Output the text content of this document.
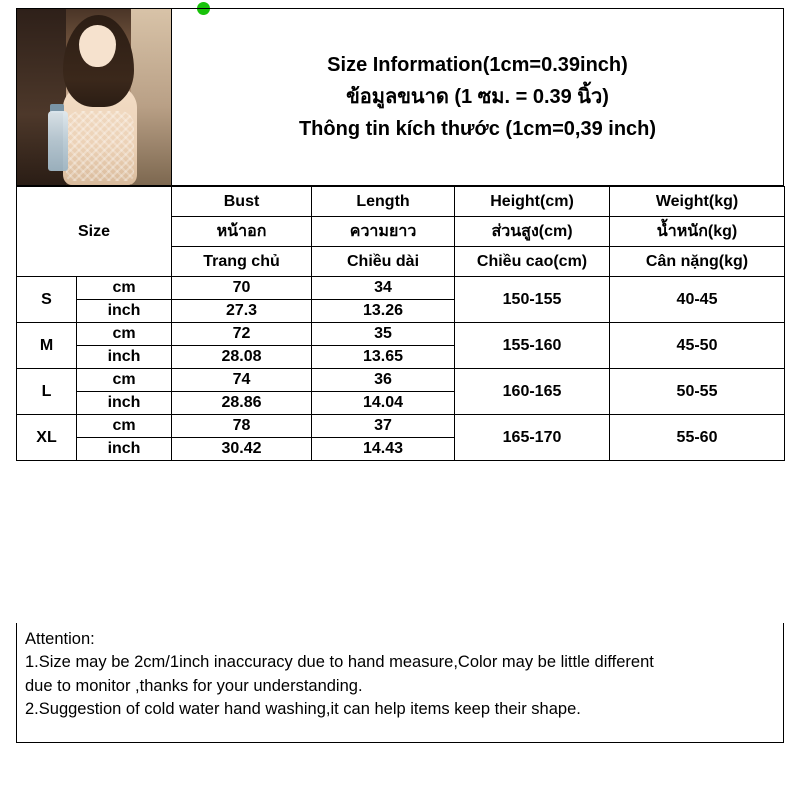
Size Information(1cm=0.39inch)
ข้อมูลขนาด (1 ซม. = 0.39 นิ้ว)
Thông tin kích thước (1cm=0,39 inch)
Size		Bust	Length	Height(cm)	Weight(kg)
		หน้าอก	ความยาว	ส่วนสูง(cm)	น้ำหนัก(kg)
		Trang chủ	Chiều dài	Chiều cao(cm)	Cân nặng(kg)
S	cm	70	34	150-155	40-45
	inch	27.3	13.26		
M	cm	72	35	155-160	45-50
	inch	28.08	13.65		
L	cm	74	36	160-165	50-55
	inch	28.86	14.04		
XL	cm	78	37	165-170	55-60
	inch	30.42	14.43		

Attention:

1.Size may be 2cm/1inch inaccuracy due to hand measure,Color may be little different

due to monitor ,thanks for your understanding.

2.Suggestion of cold water hand washing,it can help items keep their shape.
